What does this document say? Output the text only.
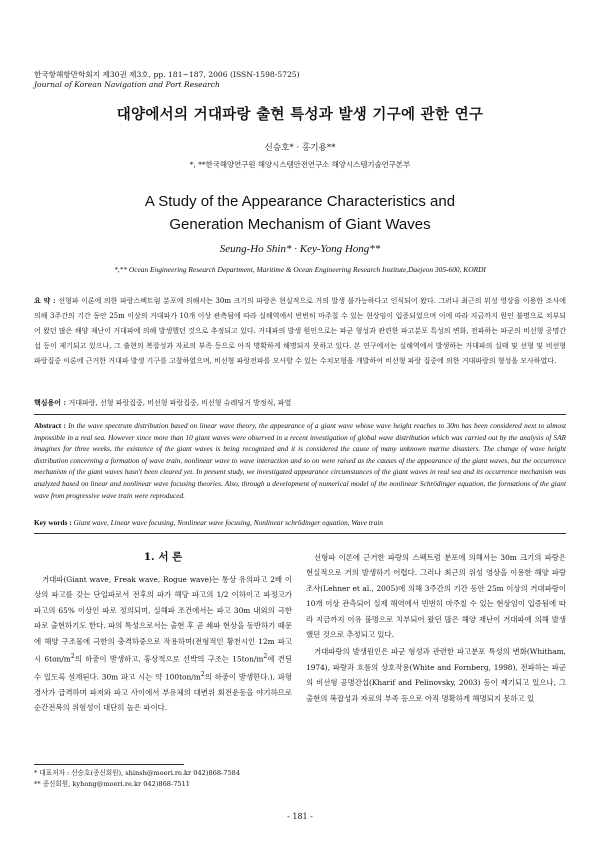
한국항해항만학회지 제30권 제3호, pp. 181~187, 2006 (ISSN-1598-5725)
Journal of Korean Navigation and Port Research
대양에서의 거대파랑 출현 특성과 발생 기구에 관한 연구
신승호* · 홍기용**
*, **한국해양연구원 해양시스템안전연구소 해양시스템기술연구본부
A Study of the Appearance Characteristics and
Generation Mechanism of Giant Waves
Seung-Ho Shin* · Key-Yong Hong**
*,** Ocean Engineering Research Department, Maritime & Ocean Engineering Research Institute,Daejeon 305-600, KORDI
요 약 : 선형파 이론에 의한 파랑스펙트럼 분포에 의해서는 30m 크기의 파랑은 현실적으로 거의 발생 불가능하다고 인식되어 왔다. 그러나 최근의 위성 영상을 이용한 조사에 의해 3주간의 기간 동안 25m 이상의 거대파가 10개 이상 관측됨에 따라 실해역에서 빈번히 마주칠 수 있는 현상임이 입증되었으며 이에 따라 지금까지 원인 불명으로 치부되어 왔던 많은 해양 재난이 거대파에 의해 발생했던 것으로 추정되고 있다. 거대파의 발생 원인으로는 파군 형성과 관련한 파고분포 특성의 변화, 전파하는 파군의 비선형 공명간섭 등이 제기되고 있으나, 그 출현의 복잡성과 자료의 부족 등으로 아직 명확하게 해명되지 못하고 있다. 본 연구에서는 실해역에서 발생하는 거대파의 실태 및 선형 및 비선형 파랑집중 이론에 근거한 거대파 발생 기구를 고찰하였으며, 비선형 파랑전파를 모사할 수 있는 수치모형을 개발하여 비선형 파랑 집중에 의한 거대파랑의 형성을 모사하였다.
핵심용어 : 거대파랑, 선형 파랑집중, 비선형 파랑집중, 비선형 슈레딩거 방정식, 파열
Abstract : In the wave spectrum distribution based on linear wave theory, the appearance of a giant wave whose wave height reaches to 30m has been considered next to almost impossible in a real sea. However since more than 10 giant waves were observed in a recent investigation of global wave distribution which was carried out by the analysis of SAR imagines for three weeks, the existence of the giant waves is being recognized and it is considered the cause of many unknown marine disasters. The change of wave height distribution concerning a formation of wave train, nonlinear wave to wave interaction and so on were raised as the causes of the appearance of the giant waves, but the occurrence mechanism of the giant waves hasn't been cleared yet. In present study, we investigated appearance circumstances of the giant waves in real sea and its occurrence mechanism was analyzed based on linear and nonlinear wave focusing theories. Also, through a development of numerical model of the nonlinear Schrödinger equation, the formations of the giant wave from progressive wave train were reproduced.
Key words : Giant wave, Linear wave focusing, Nonlinear wave focusing, Nonlinear schrödinger equation, Wave train
1. 서 론

거대파(Giant wave, Freak wave, Rogue wave)는 통상 유의파고 2배 이상의 파고를 갖는 단일파로서 전후의 파가 해당 파고의 1/2 이하이고 파정고가 파고의 65% 이상인 파로 정의되며, 실해파 조건에서는 파고 30m 내외의 극한파로 출현하기도 한다. 파의 특성으로서는 출현 후 곧 쇄파 현상을 동반하기 때문에 해양 구조물에 극한의 충격하중으로 작용하며(전형적인 황천시인 12m 파고 시 $6ton/m^2$의 하중이 발생하고, 통상적으로 선박의 구조는 $15ton/m^2$에 견딜 수 있도록 설계된다. 30m 파고 시는 약 $100ton/m^2$의 하중이 발생한다.), 파형경사가 급격하며 파저와 파고 사이에서 부유체의 대변위 회전운동을 야기하므로 순간전복의 위험성이 대단히 높은 파이다.

선형파 이론에 근거한 파랑의 스펙트럼 분포에 의해서는 30m 크기의 파랑은 현실적으로 거의 발생하기 어렵다. 그러나 최근의 위성 영상을 이용한 해양 파랑 조사(Lehner et al., 2005)에 의해 3주간의 기간 동안 25m 이상의 거대파랑이 10개 이상 관측되어 실제 해역에서 빈번히 마주칠 수 있는 현상임이 입증됨에 따라 지금까지 이유 불명으로 치부되어 왔던 많은 해양 재난이 거대파에 의해 발생했던 것으로 추정되고 있다.

거대파랑의 발생원인은 파군 형성과 관련한 파고분포 특성의 변화(Whitham, 1974), 파랑과 흐름의 상호작용(White and Fornberg, 1998), 전파하는 파군의 비선형 공명간섭(Kharif and Pelinovsky, 2003) 등이 제기되고 있으나, 그 출현의 복잡성과 자료의 부족 등으로 아직 명확하게 해명되지 못하고 있

* 대표저자 : 신승호(종신회원), shinsh@moeri.re.kr 042)868-7584
** 종신회원, kyhong@moeri.re.kr 042)868-7511
- 181 -
